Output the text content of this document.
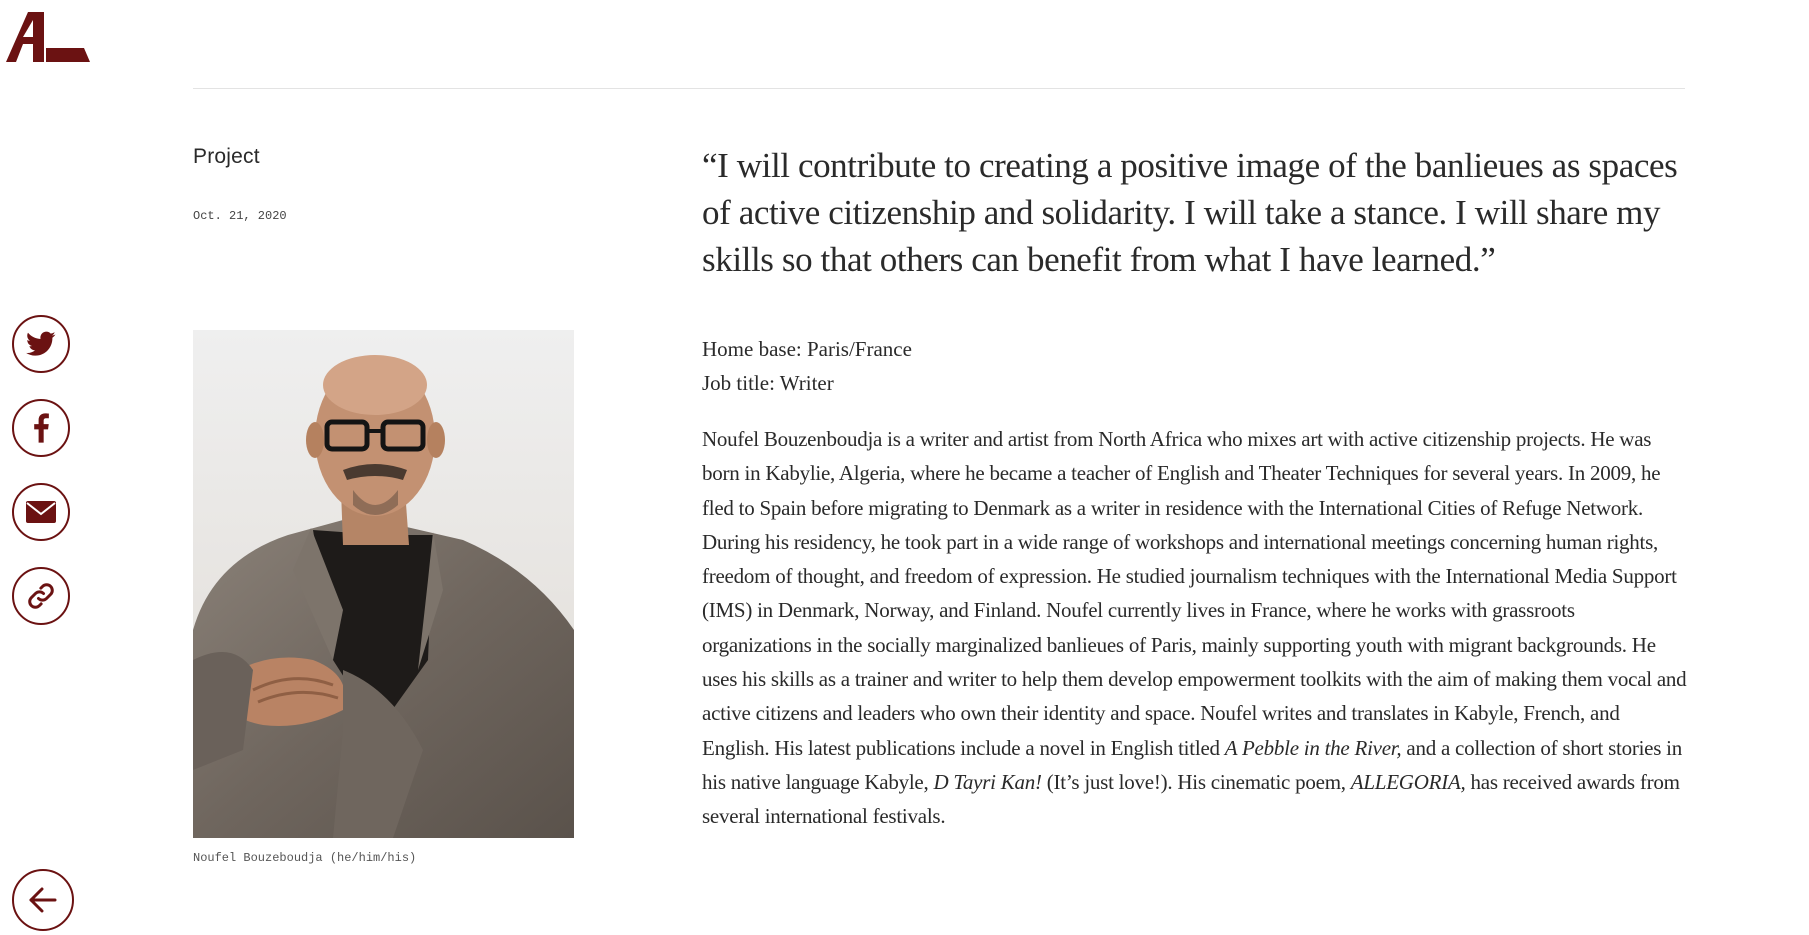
Project
Oct. 21, 2020
Noufel Bouzeboudja (he/him/his)

“I will contribute to creating a positive image of the banlieues as spaces of active citizenship and solidarity. I will take a stance. I will share my skills so that others can benefit from what I have learned.”

Home base: Paris/France
Job title: Writer

Noufel Bouzenboudja is a writer and artist from North Africa who mixes art with active citizenship projects. He was born in Kabylie, Algeria, where he became a teacher of English and Theater Techniques for several years. In 2009, he fled to Spain before migrating to Denmark as a writer in residence with the International Cities of Refuge Network. During his residency, he took part in a wide range of workshops and international meetings concerning human rights, freedom of thought, and freedom of expression. He studied journalism techniques with the International Media Support (IMS) in Denmark, Norway, and Finland. Noufel currently lives in France, where he works with grassroots organizations in the socially marginalized banlieues of Paris, mainly supporting youth with migrant backgrounds. He uses his skills as a trainer and writer to help them develop empowerment toolkits with the aim of making them vocal and active citizens and leaders who own their identity and space. Noufel writes and translates in Kabyle, French, and English. His latest publications include a novel in English titled A Pebble in the River, and a collection of short stories in his native language Kabyle, D Tayri Kan! (It’s just love!). His cinematic poem, ALLEGORIA, has received awards from several international festivals.
